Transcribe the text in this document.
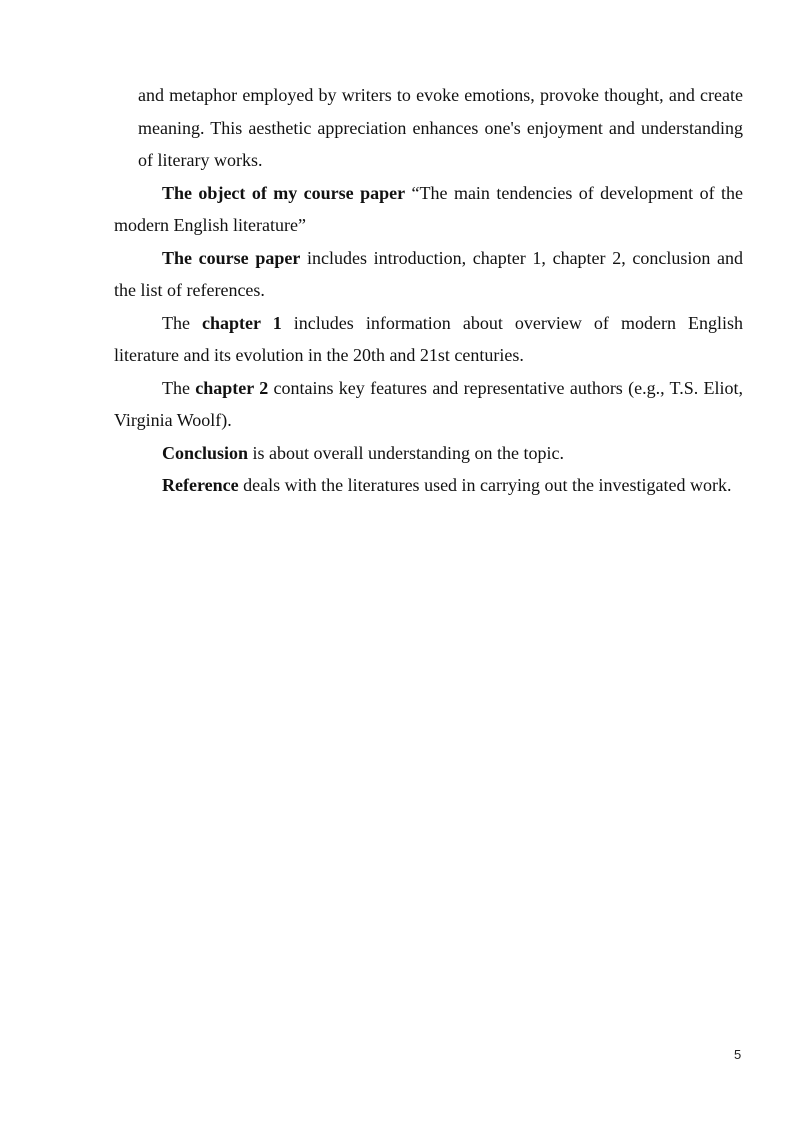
and metaphor employed by writers to evoke emotions, provoke thought, and create meaning. This aesthetic appreciation enhances one's enjoyment and understanding of literary works.

The object of my course paper “The main tendencies of development of the modern English literature”

The course paper includes introduction, chapter 1, chapter 2, conclusion and the list of references.

The chapter 1 includes information about overview of modern English literature and its evolution in the 20th and 21st centuries.

The chapter 2 contains key features and representative authors (e.g., T.S. Eliot, Virginia Woolf).

Conclusion is about overall understanding on the topic.

Reference deals with the literatures used in carrying out the investigated work.

5
